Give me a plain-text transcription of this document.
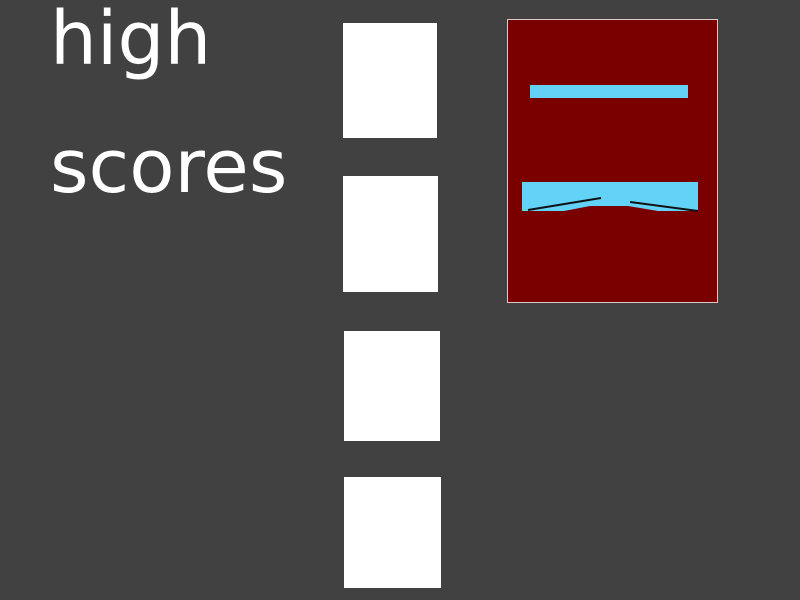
high
scores
